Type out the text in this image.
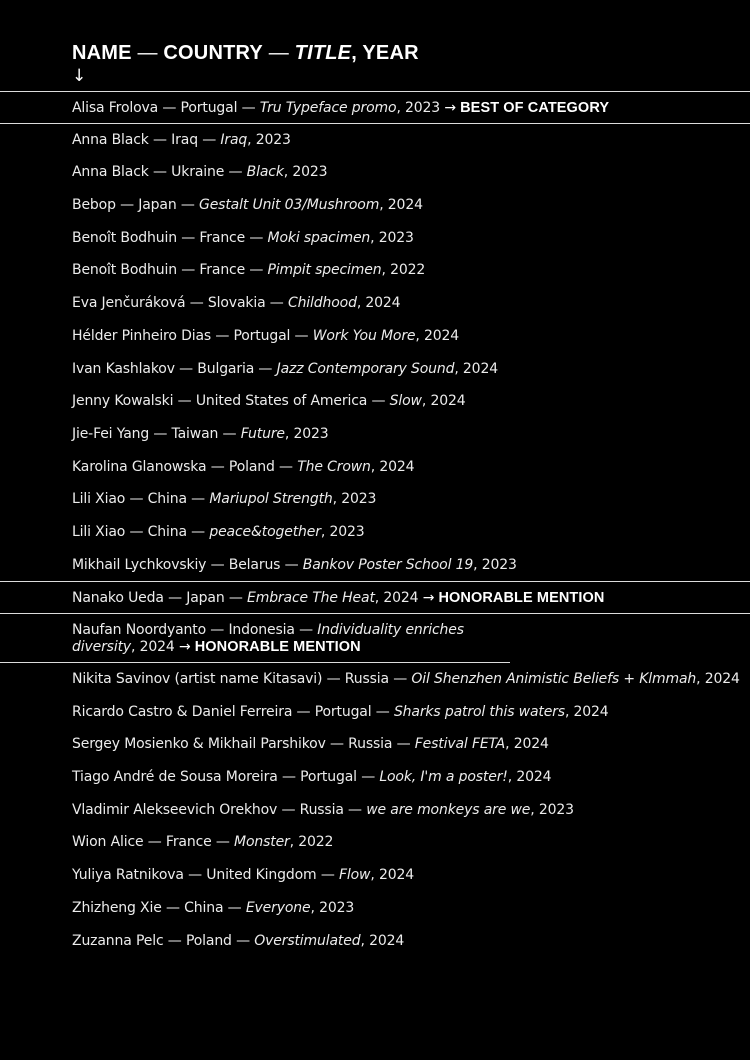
NAME — COUNTRY — TITLE, YEAR
↓
Alisa Frolova — Portugal — Tru Typeface promo, 2023 → BEST OF CATEGORY
Anna Black — Iraq — Iraq, 2023
Anna Black — Ukraine — Black, 2023
Bebop — Japan — Gestalt Unit 03/Mushroom, 2024
Benoît Bodhuin — France — Moki spacimen, 2023
Benoît Bodhuin — France — Pimpit specimen, 2022
Eva Jenčuráková — Slovakia — Childhood, 2024
Hélder Pinheiro Dias — Portugal — Work You More, 2024
Ivan Kashlakov — Bulgaria — Jazz Contemporary Sound, 2024
Jenny Kowalski — United States of America — Slow, 2024
Jie-Fei Yang — Taiwan — Future, 2023
Karolina Glanowska — Poland — The Crown, 2024
Lili Xiao — China — Mariupol Strength, 2023
Lili Xiao — China — peace&together, 2023
Mikhail Lychkovskiy — Belarus — Bankov Poster School 19, 2023
Nanako Ueda — Japan — Embrace The Heat, 2024 → HONORABLE MENTION
Naufan Noordyanto — Indonesia — Individuality enriches diversity, 2024 → HONORABLE MENTION
Nikita Savinov (artist name Kitasavi) — Russia — Oil Shenzhen Animistic Beliefs + Klmmah, 2024
Ricardo Castro & Daniel Ferreira — Portugal — Sharks patrol this waters, 2024
Sergey Mosienko & Mikhail Parshikov — Russia — Festival FETA, 2024
Tiago André de Sousa Moreira — Portugal — Look, I'm a poster!, 2024
Vladimir Alekseevich Orekhov — Russia — we are monkeys are we, 2023
Wion Alice — France — Monster, 2022
Yuliya Ratnikova — United Kingdom — Flow, 2024
Zhizheng Xie — China — Everyone, 2023
Zuzanna Pelc — Poland — Overstimulated, 2024
